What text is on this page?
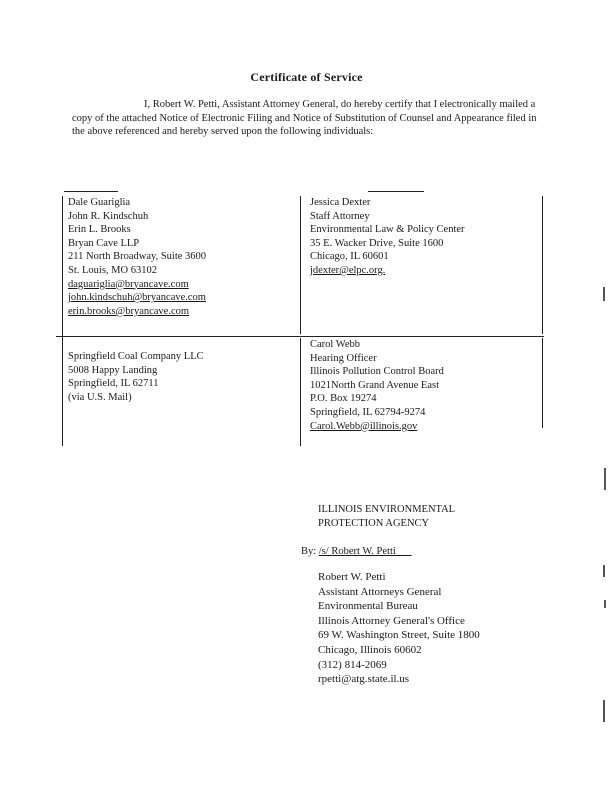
Certificate of Service

I, Robert W. Petti, Assistant Attorney General, do hereby certify that I electronically mailed a copy of the attached Notice of Electronic Filing and Notice of Substitution of Counsel and Appearance filed in the above referenced and hereby served upon the following individuals:

Dale Guariglia
John R. Kindschuh
Erin L. Brooks
Bryan Cave LLP
211 North Broadway, Suite 3600
St. Louis, MO 63102
daguariglia@bryancave.com
john.kindschuh@bryancave.com
erin.brooks@bryancave.com
Jessica Dexter
Staff Attorney
Environmental Law & Policy Center
35 E. Wacker Drive, Suite 1600
Chicago, IL 60601
jdexter@elpc.org.
Springfield Coal Company LLC
5008 Happy Landing
Springfield, IL 62711
(via U.S. Mail)
Carol Webb
Hearing Officer
Illinois Pollution Control Board
1021North Grand Avenue East
P.O. Box 19274
Springfield, IL 62794-9274
Carol.Webb@illinois.gov
ILLINOIS ENVIRONMENTAL
PROTECTION AGENCY
By: /s/ Robert W. Petti
Robert W. Petti
Assistant Attorneys General
Environmental Bureau
Illinois Attorney General's Office
69 W. Washington Street, Suite 1800
Chicago, Illinois 60602
(312) 814-2069
rpetti@atg.state.il.us
